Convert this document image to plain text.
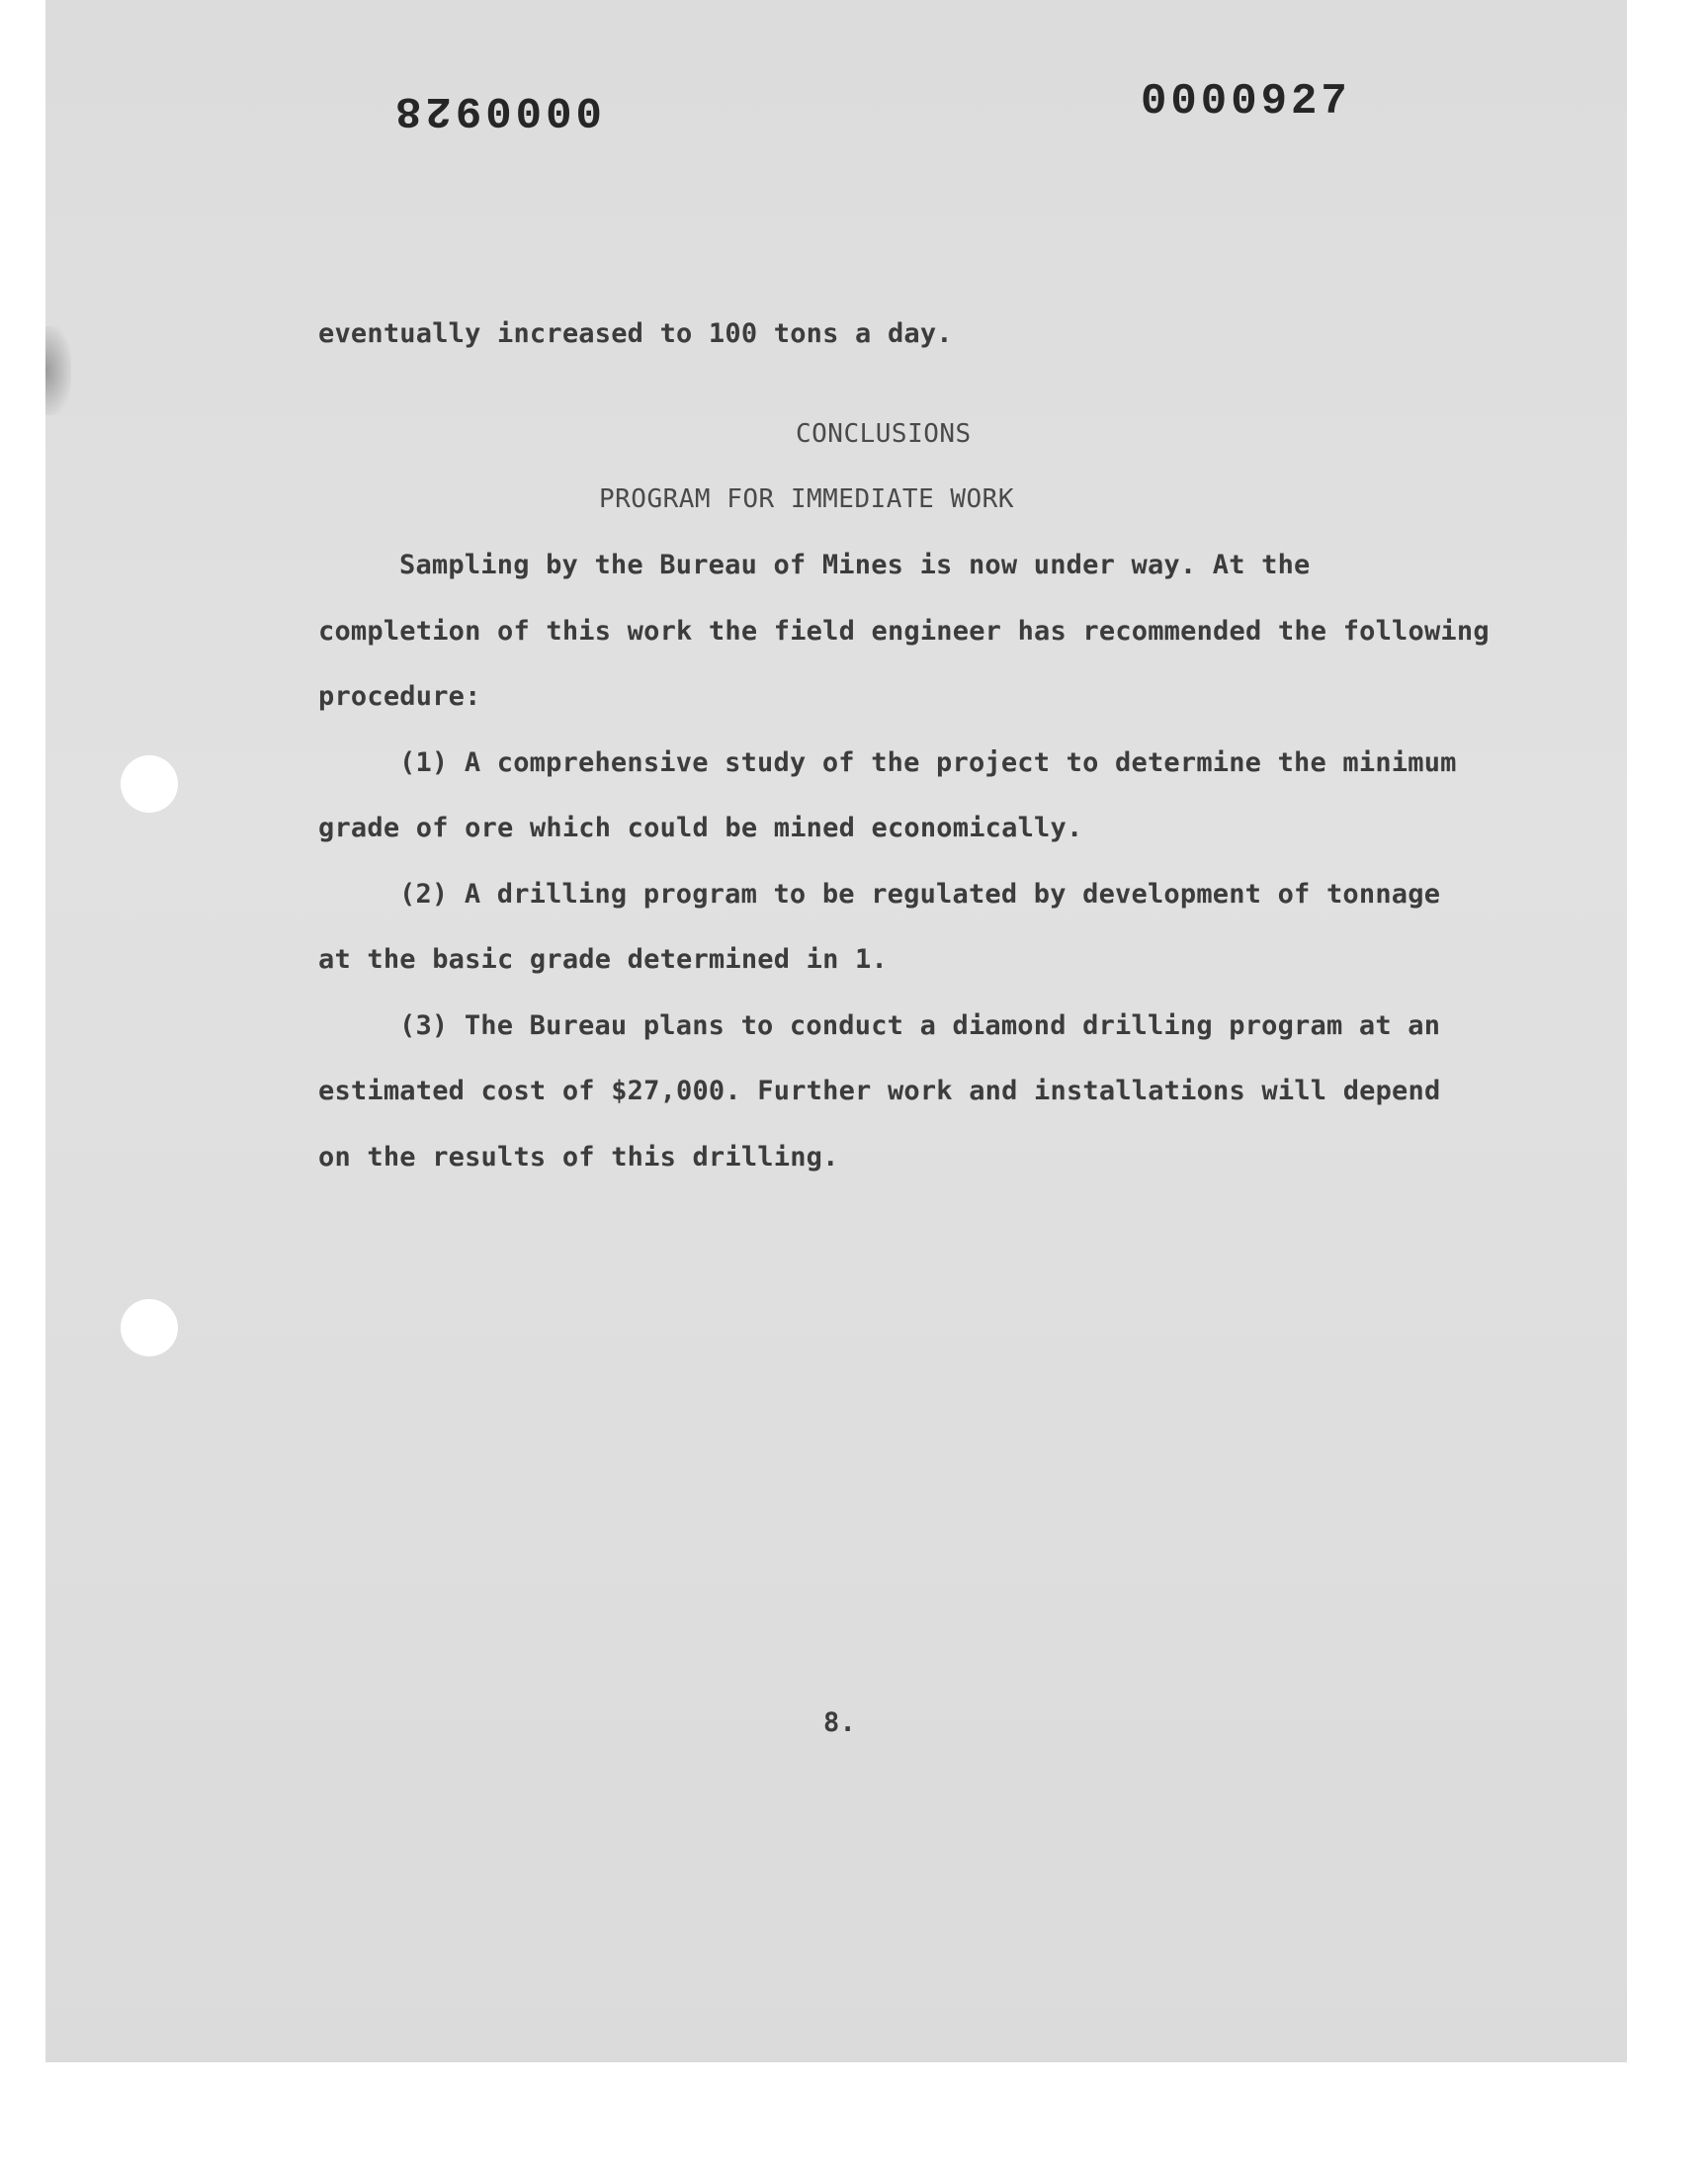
0000928	0000927
eventually increased to 100 tons a day.
CONCLUSIONS
PROGRAM FOR IMMEDIATE WORK
Sampling by the Bureau of Mines is now under way. At the
completion of this work the field engineer has recommended the following
procedure:
(1) A comprehensive study of the project to determine the minimum
grade of ore which could be mined economically.
(2) A drilling program to be regulated by development of tonnage
at the basic grade determined in 1.
(3) The Bureau plans to conduct a diamond drilling program at an
estimated cost of $27,000. Further work and installations will depend
on the results of this drilling.
8.
